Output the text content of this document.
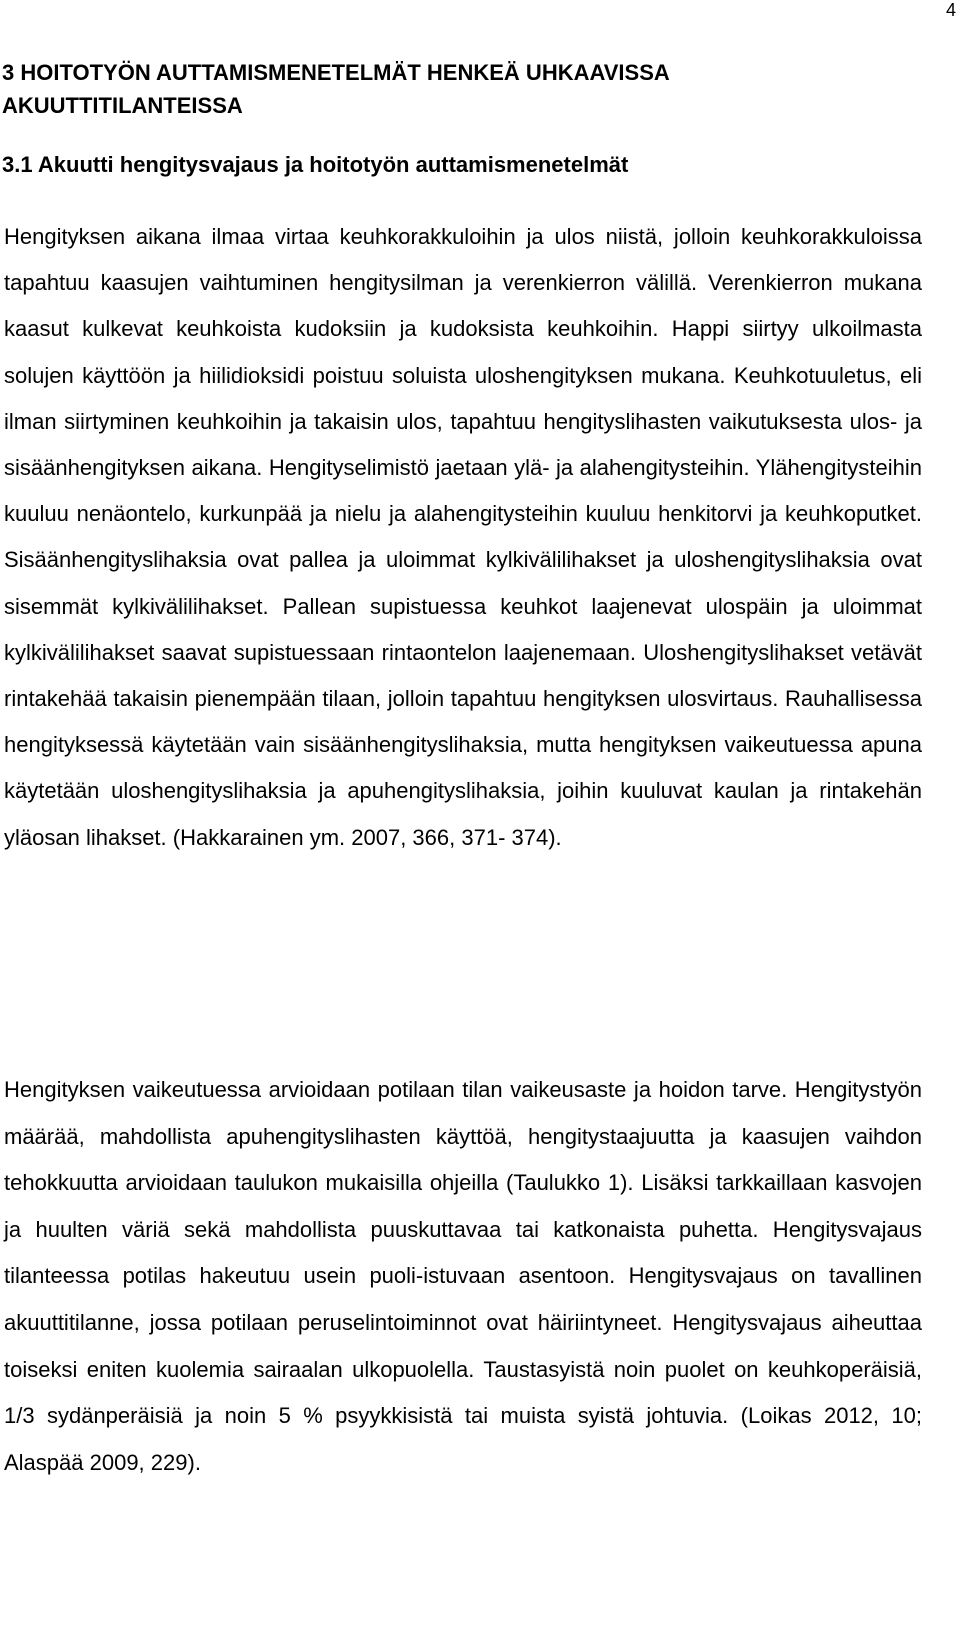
4
3 HOITOTYÖN AUTTAMISMENETELMÄT HENKEÄ UHKAAVISSA AKUUTTITILANTEISSA
3.1 Akuutti hengitysvajaus ja hoitotyön auttamismenetelmät

Hengityksen aikana ilmaa virtaa keuhkorakkuloihin ja ulos niistä, jolloin keuhkorakkuloissa tapahtuu kaasujen vaihtuminen hengitysilman ja verenkierron välillä. Verenkierron mukana kaasut kulkevat keuhkoista kudoksiin ja kudoksista keuhkoihin. Happi siirtyy ulkoilmasta solujen käyttöön ja hiilidioksidi poistuu soluista uloshengityksen mukana. Keuhkotuuletus, eli ilman siirtyminen keuhkoihin ja takaisin ulos, tapahtuu hengityslihasten vaikutuksesta ulos- ja sisäänhengityksen aikana. Hengityselimistö jaetaan ylä- ja alahengitysteihin. Ylähengitysteihin kuuluu nenäontelo, kurkunpää ja nielu ja alahengitysteihin kuuluu henkitorvi ja keuhkoputket. Sisäänhengityslihaksia ovat pallea ja uloimmat kylkivälilihakset ja uloshengityslihaksia ovat sisemmät kylkivälilihakset. Pallean supistuessa keuhkot laajenevat ulospäin ja uloimmat kylkivälilihakset saavat supistuessaan rintaontelon laajenemaan. Uloshengityslihakset vetävät rintakehää takaisin pienempään tilaan, jolloin tapahtuu hengityksen ulosvirtaus. Rauhallisessa hengityksessä käytetään vain sisäänhengityslihaksia, mutta hengityksen vaikeutuessa apuna käytetään uloshengityslihaksia ja apuhengityslihaksia, joihin kuuluvat kaulan ja rintakehän yläosan lihakset. (Hakkarainen ym. 2007, 366, 371- 374).

Hengityksen vaikeutuessa arvioidaan potilaan tilan vaikeusaste ja hoidon tarve. Hengitystyön määrää, mahdollista apuhengityslihasten käyttöä, hengitystaajuutta ja kaasujen vaihdon tehokkuutta arvioidaan taulukon mukaisilla ohjeilla (Taulukko 1). Lisäksi tarkkaillaan kasvojen ja huulten väriä sekä mahdollista puuskuttavaa tai katkonaista puhetta. Hengitysvajaus tilanteessa potilas hakeutuu usein puoli-istuvaan asentoon. Hengitysvajaus on tavallinen akuuttitilanne, jossa potilaan peruselintoiminnot ovat häiriintyneet. Hengitysvajaus aiheuttaa toiseksi eniten kuolemia sairaalan ulkopuolella. Taustasyistä noin puolet on keuhkoperäisiä, 1/3 sydänperäisiä ja noin 5 % psyykkisistä tai muista syistä johtuvia. (Loikas 2012, 10; Alaspää 2009, 229).
